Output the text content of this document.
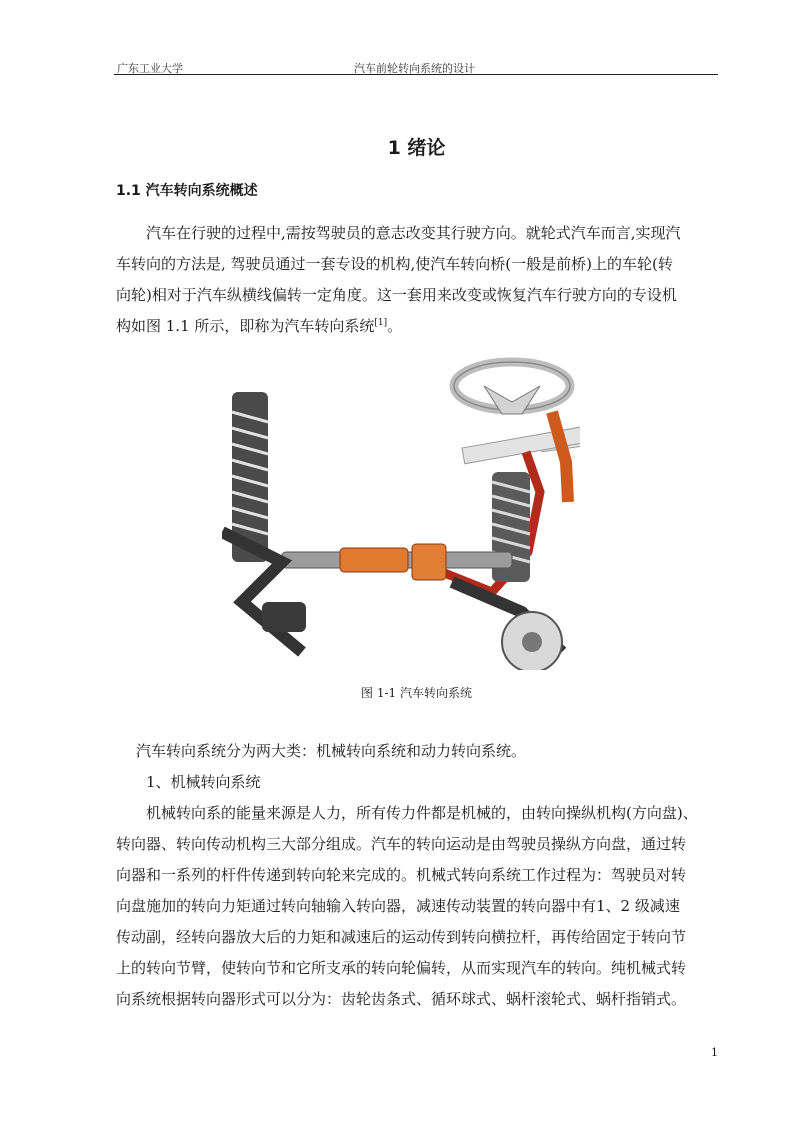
广东工业大学	汽车前轮转向系统的设计
1 绪论
1.1 汽车转向系统概述
汽车在行驶的过程中,需按驾驶员的意志改变其行驶方向。就轮式汽车而言,实现汽
车转向的方法是, 驾驶员通过一套专设的机构,使汽车转向桥(一般是前桥)上的车轮(转
向轮)相对于汽车纵横线偏转一定角度。这一套用来改变或恢复汽车行驶方向的专设机
构如图 1.1 所示，即称为汽车转向系统[1]。
图 1-1 汽车转向系统
汽车转向系统分为两大类：机械转向系统和动力转向系统。
1、机械转向系统
机械转向系的能量来源是人力，所有传力件都是机械的，由转向操纵机构(方向盘)、
转向器、转向传动机构三大部分组成。汽车的转向运动是由驾驶员操纵方向盘，通过转
向器和一系列的杆件传递到转向轮来完成的。机械式转向系统工作过程为：驾驶员对转
向盘施加的转向力矩通过转向轴输入转向器，减速传动装置的转向器中有1、2 级减速
传动副，经转向器放大后的力矩和减速后的运动传到转向横拉杆，再传给固定于转向节
上的转向节臂，使转向节和它所支承的转向轮偏转，从而实现汽车的转向。纯机械式转
向系统根据转向器形式可以分为：齿轮齿条式、循环球式、蜗杆滚轮式、蜗杆指销式。
1
